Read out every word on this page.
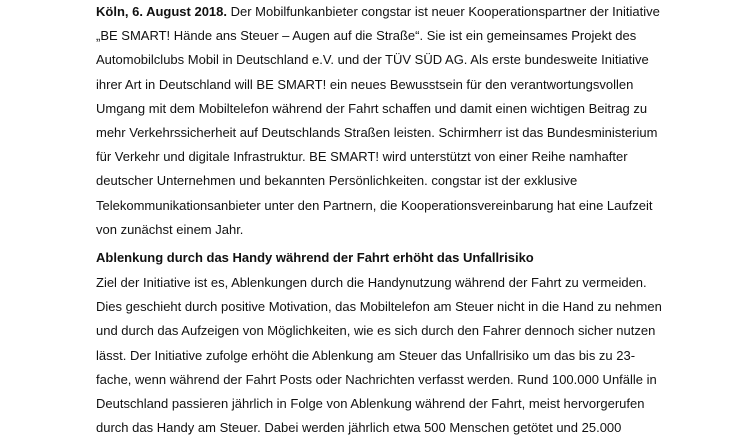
Köln, 6. August 2018. Der Mobilfunkanbieter congstar ist neuer Kooperationspartner der Initiative

„BE SMART! Hände ans Steuer – Augen auf die Straße“. Sie ist ein gemeinsames Projekt des

Automobilclubs Mobil in Deutschland e.V. und der TÜV SÜD AG. Als erste bundesweite Initiative

ihrer Art in Deutschland will BE SMART! ein neues Bewusstsein für den verantwortungsvollen

Umgang mit dem Mobiltelefon während der Fahrt schaffen und damit einen wichtigen Beitrag zu

mehr Verkehrssicherheit auf Deutschlands Straßen leisten. Schirmherr ist das Bundesministerium

für Verkehr und digitale Infrastruktur. BE SMART! wird unterstützt von einer Reihe namhafter

deutscher Unternehmen und bekannten Persönlichkeiten. congstar ist der exklusive

Telekommunikationsanbieter unter den Partnern, die Kooperationsvereinbarung hat eine Laufzeit

von zunächst einem Jahr.

Ablenkung durch das Handy während der Fahrt erhöht das Unfallrisiko

Ziel der Initiative ist es, Ablenkungen durch die Handynutzung während der Fahrt zu vermeiden.

Dies geschieht durch positive Motivation, das Mobiltelefon am Steuer nicht in die Hand zu nehmen

und durch das Aufzeigen von Möglichkeiten, wie es sich durch den Fahrer dennoch sicher nutzen

lässt. Der Initiative zufolge erhöht die Ablenkung am Steuer das Unfallrisiko um das bis zu 23-

fache, wenn während der Fahrt Posts oder Nachrichten verfasst werden. Rund 100.000 Unfälle in

Deutschland passieren jährlich in Folge von Ablenkung während der Fahrt, meist hervorgerufen

durch das Handy am Steuer. Dabei werden jährlich etwa 500 Menschen getötet und 25.000
